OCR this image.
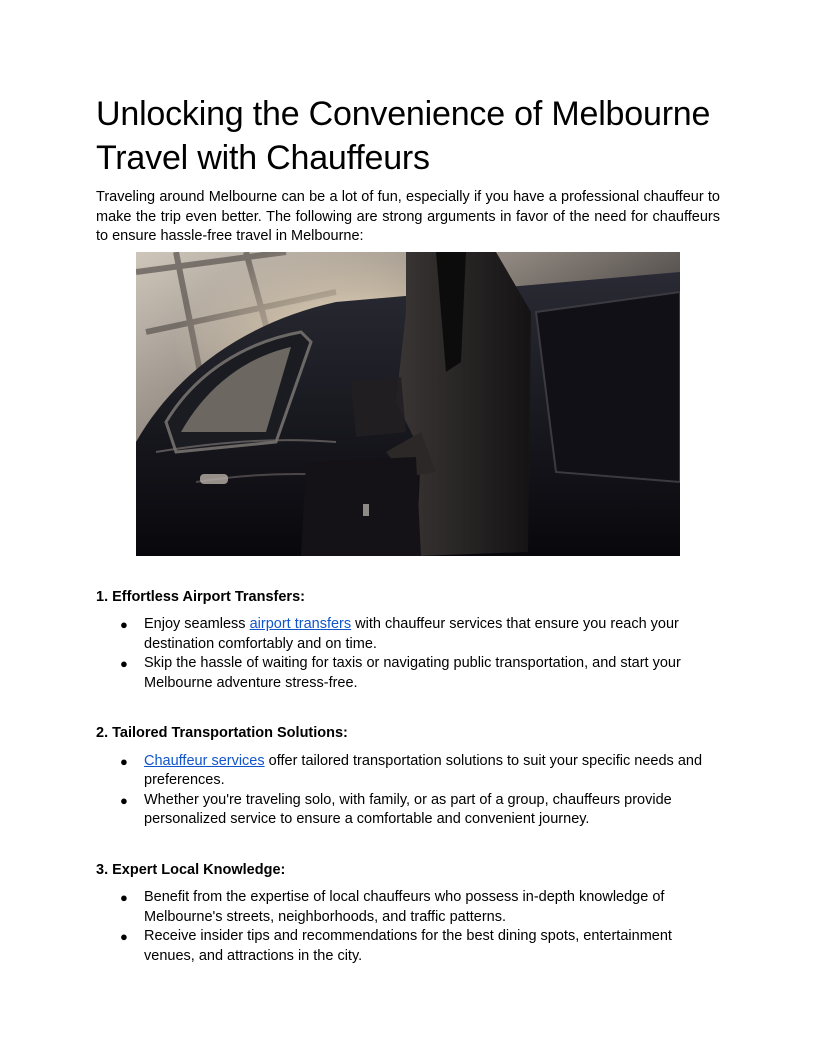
Unlocking the Convenience of Melbourne Travel with Chauffeurs

Traveling around Melbourne can be a lot of fun, especially if you have a professional chauffeur to make the trip even better. The following are strong arguments in favor of the need for chauffeurs to ensure hassle-free travel in Melbourne:

1. Effortless Airport Transfers:
● Enjoy seamless airport transfers with chauffeur services that ensure you reach your destination comfortably and on time.
● Skip the hassle of waiting for taxis or navigating public transportation, and start your Melbourne adventure stress-free.
2. Tailored Transportation Solutions:
● Chauffeur services offer tailored transportation solutions to suit your specific needs and preferences.
● Whether you're traveling solo, with family, or as part of a group, chauffeurs provide personalized service to ensure a comfortable and convenient journey.
3. Expert Local Knowledge:
● Benefit from the expertise of local chauffeurs who possess in-depth knowledge of Melbourne's streets, neighborhoods, and traffic patterns.
● Receive insider tips and recommendations for the best dining spots, entertainment venues, and attractions in the city.
